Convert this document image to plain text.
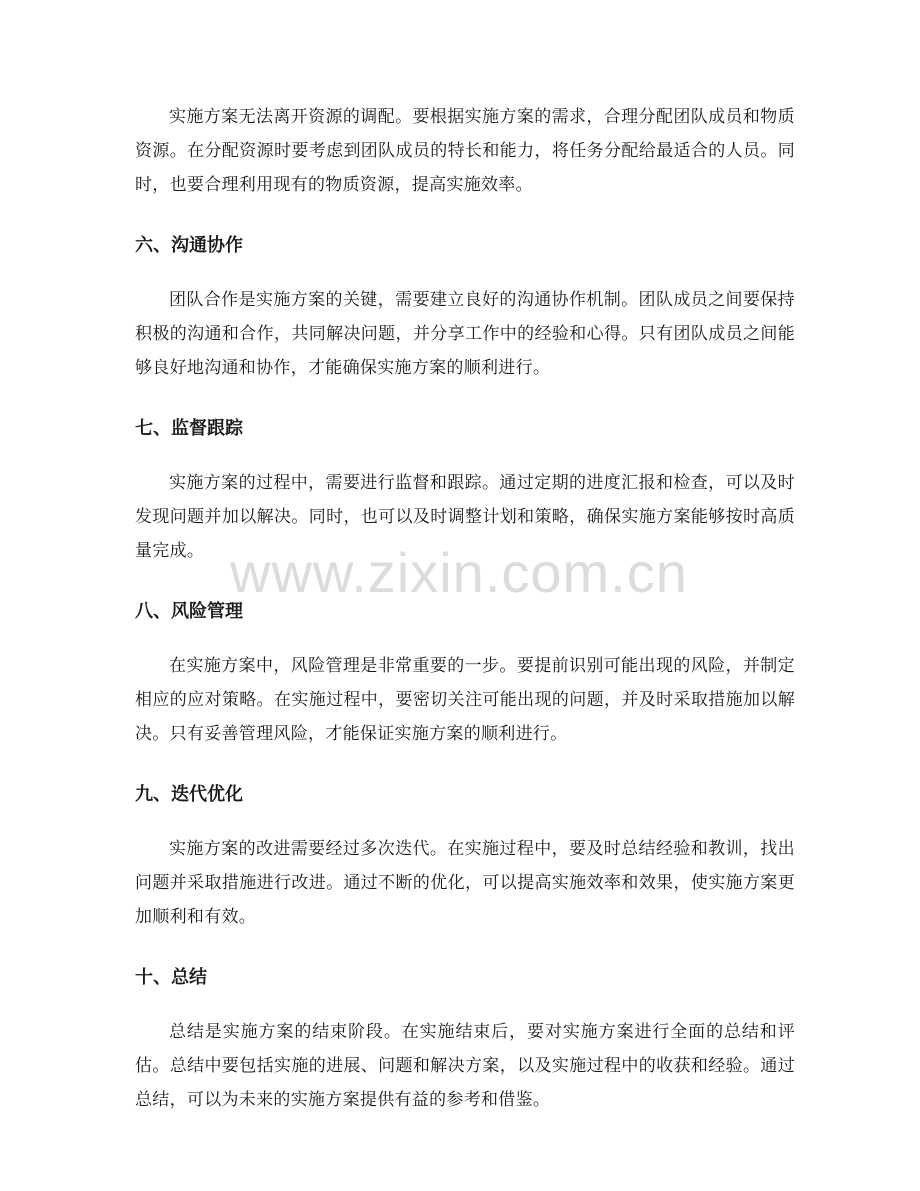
实施方案无法离开资源的调配。要根据实施方案的需求，合理分配团队成员和物质资源。在分配资源时要考虑到团队成员的特长和能力，将任务分配给最适合的人员。同时，也要合理利用现有的物质资源，提高实施效率。

六、沟通协作

团队合作是实施方案的关键，需要建立良好的沟通协作机制。团队成员之间要保持积极的沟通和合作，共同解决问题，并分享工作中的经验和心得。只有团队成员之间能够良好地沟通和协作，才能确保实施方案的顺利进行。

七、监督跟踪

实施方案的过程中，需要进行监督和跟踪。通过定期的进度汇报和检查，可以及时发现问题并加以解决。同时，也可以及时调整计划和策略，确保实施方案能够按时高质量完成。

八、风险管理

在实施方案中，风险管理是非常重要的一步。要提前识别可能出现的风险，并制定相应的应对策略。在实施过程中，要密切关注可能出现的问题，并及时采取措施加以解决。只有妥善管理风险，才能保证实施方案的顺利进行。

九、迭代优化

实施方案的改进需要经过多次迭代。在实施过程中，要及时总结经验和教训，找出问题并采取措施进行改进。通过不断的优化，可以提高实施效率和效果，使实施方案更加顺利和有效。

十、总结

总结是实施方案的结束阶段。在实施结束后，要对实施方案进行全面的总结和评估。总结中要包括实施的进展、问题和解决方案，以及实施过程中的收获和经验。通过总结，可以为未来的实施方案提供有益的参考和借鉴。

www.zixin.com.cn
